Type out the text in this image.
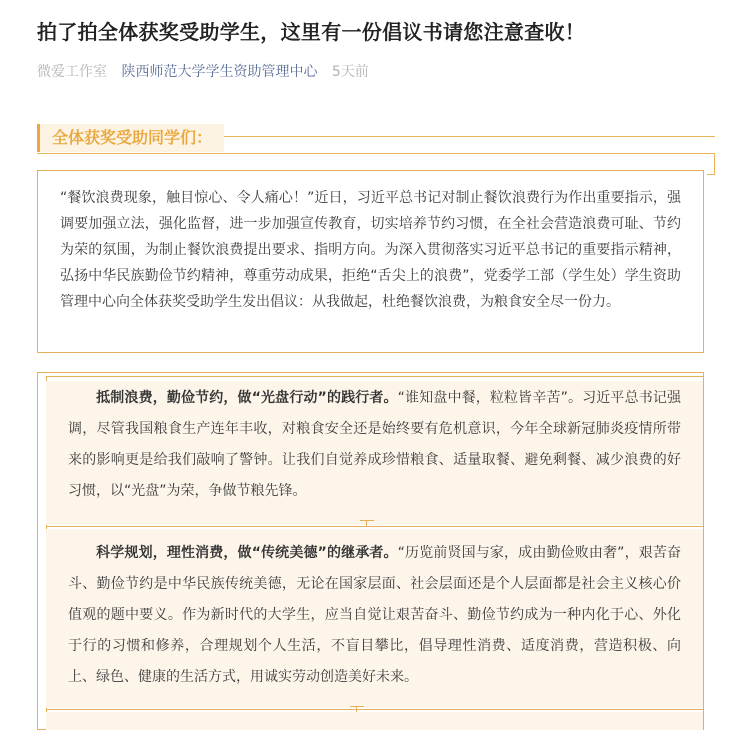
拍了拍全体获奖受助学生，这里有一份倡议书请您注意查收！
微爱工作室 陕西师范大学学生资助管理中心 5天前
全体获奖受助同学们：
“餐饮浪费现象，触目惊心、令人痛心！”近日，习近平总书记对制止餐饮浪费行为作出重要指示，强调要加强立法，强化监督，进一步加强宣传教育，切实培养节约习惯，在全社会营造浪费可耻、节约为荣的氛围，为制止餐饮浪费提出要求、指明方向。为深入贯彻落实习近平总书记的重要指示精神，弘扬中华民族勤俭节约精神，尊重劳动成果，拒绝“舌尖上的浪费”，党委学工部（学生处）学生资助管理中心向全体获奖受助学生发出倡议：从我做起，杜绝餐饮浪费，为粮食安全尽一份力。
抵制浪费，勤俭节约，做“光盘行动”的践行者。“谁知盘中餐，粒粒皆辛苦”。习近平总书记强调，尽管我国粮食生产连年丰收，对粮食安全还是始终要有危机意识，今年全球新冠肺炎疫情所带来的影响更是给我们敲响了警钟。让我们自觉养成珍惜粮食、适量取餐、避免剩餐、减少浪费的好习惯，以“光盘”为荣，争做节粮先锋。
科学规划，理性消费，做“传统美德”的继承者。“历览前贤国与家，成由勤俭败由奢”，艰苦奋斗、勤俭节约是中华民族传统美德，无论在国家层面、社会层面还是个人层面都是社会主义核心价值观的题中要义。作为新时代的大学生，应当自觉让艰苦奋斗、勤俭节约成为一种内化于心、外化于行的习惯和修养，合理规划个人生活，不盲目攀比，倡导理性消费、适度消费，营造积极、向上、绿色、健康的生活方式，用诚实劳动创造美好未来。
